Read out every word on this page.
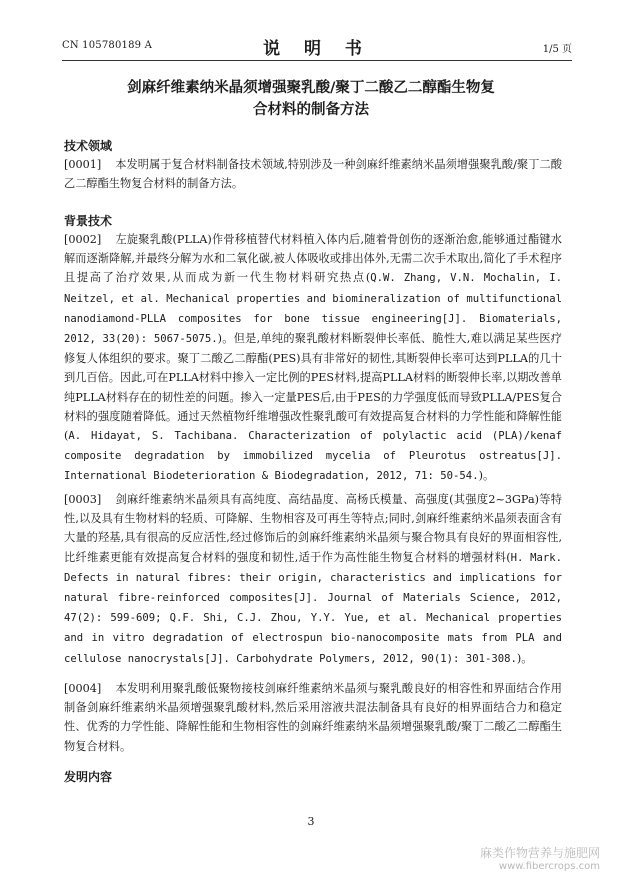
CN 105780189 A	说 明 书	1/5 页
剑麻纤维素纳米晶须增强聚乳酸/聚丁二酸乙二醇酯生物复
合材料的制备方法
技术领域
[0001] 本发明属于复合材料制备技术领域,特别涉及一种剑麻纤维素纳米晶须增强聚乳酸/聚丁二酸乙二醇酯生物复合材料的制备方法。
背景技术
[0002] 左旋聚乳酸(PLLA)作骨移植替代材料植入体内后,随着骨创伤的逐渐治愈,能够通过酯键水解而逐渐降解,并最终分解为水和二氧化碳,被人体吸收或排出体外,无需二次手术取出,简化了手术程序且提高了治疗效果,从而成为新一代生物材料研究热点(Q.W. Zhang, V.N. Mochalin, I. Neitzel, et al. Mechanical properties and biomineralization of multifunctional nanodiamond-PLLA composites for bone tissue engineering[J]. Biomaterials, 2012, 33(20): 5067-5075.)。但是,单纯的聚乳酸材料断裂伸长率低、脆性大,难以满足某些医疗修复人体组织的要求。聚丁二酸乙二醇酯(PES)具有非常好的韧性,其断裂伸长率可达到PLLA的几十到几百倍。因此,可在PLLA材料中掺入一定比例的PES材料,提高PLLA材料的断裂伸长率,以期改善单纯PLLA材料存在的韧性差的问题。掺入一定量PES后,由于PES的力学强度低而导致PLLA/PES复合材料的强度随着降低。通过天然植物纤维增强改性聚乳酸可有效提高复合材料的力学性能和降解性能(A. Hidayat, S. Tachibana. Characterization of polylactic acid (PLA)/kenaf composite degradation by immobilized mycelia of Pleurotus ostreatus[J]. International Biodeterioration & Biodegradation, 2012, 71: 50-54.)。
[0003] 剑麻纤维素纳米晶须具有高纯度、高结晶度、高杨氏模量、高强度(其强度2~3GPa)等特性,以及具有生物材料的轻质、可降解、生物相容及可再生等特点;同时,剑麻纤维素纳米晶须表面含有大量的羟基,具有很高的反应活性,经过修饰后的剑麻纤维素纳米晶须与聚合物具有良好的界面相容性,比纤维素更能有效提高复合材料的强度和韧性,适于作为高性能生物复合材料的增强材料(H. Mark. Defects in natural fibres: their origin, characteristics and implications for natural fibre-reinforced composites[J]. Journal of Materials Science, 2012, 47(2): 599-609; Q.F. Shi, C.J. Zhou, Y.Y. Yue, et al. Mechanical properties and in vitro degradation of electrospun bio-nanocomposite mats from PLA and cellulose nanocrystals[J]. Carbohydrate Polymers, 2012, 90(1): 301-308.)。
[0004] 本发明利用聚乳酸低聚物接枝剑麻纤维素纳米晶须与聚乳酸良好的相容性和界面结合作用制备剑麻纤维素纳米晶须增强聚乳酸材料,然后采用溶液共混法制备具有良好的相界面结合力和稳定性、优秀的力学性能、降解性能和生物相容性的剑麻纤维素纳米晶须增强聚乳酸/聚丁二酸乙二醇酯生物复合材料。
发明内容
3
麻类作物营养与施肥网
www.fibercrops.com
